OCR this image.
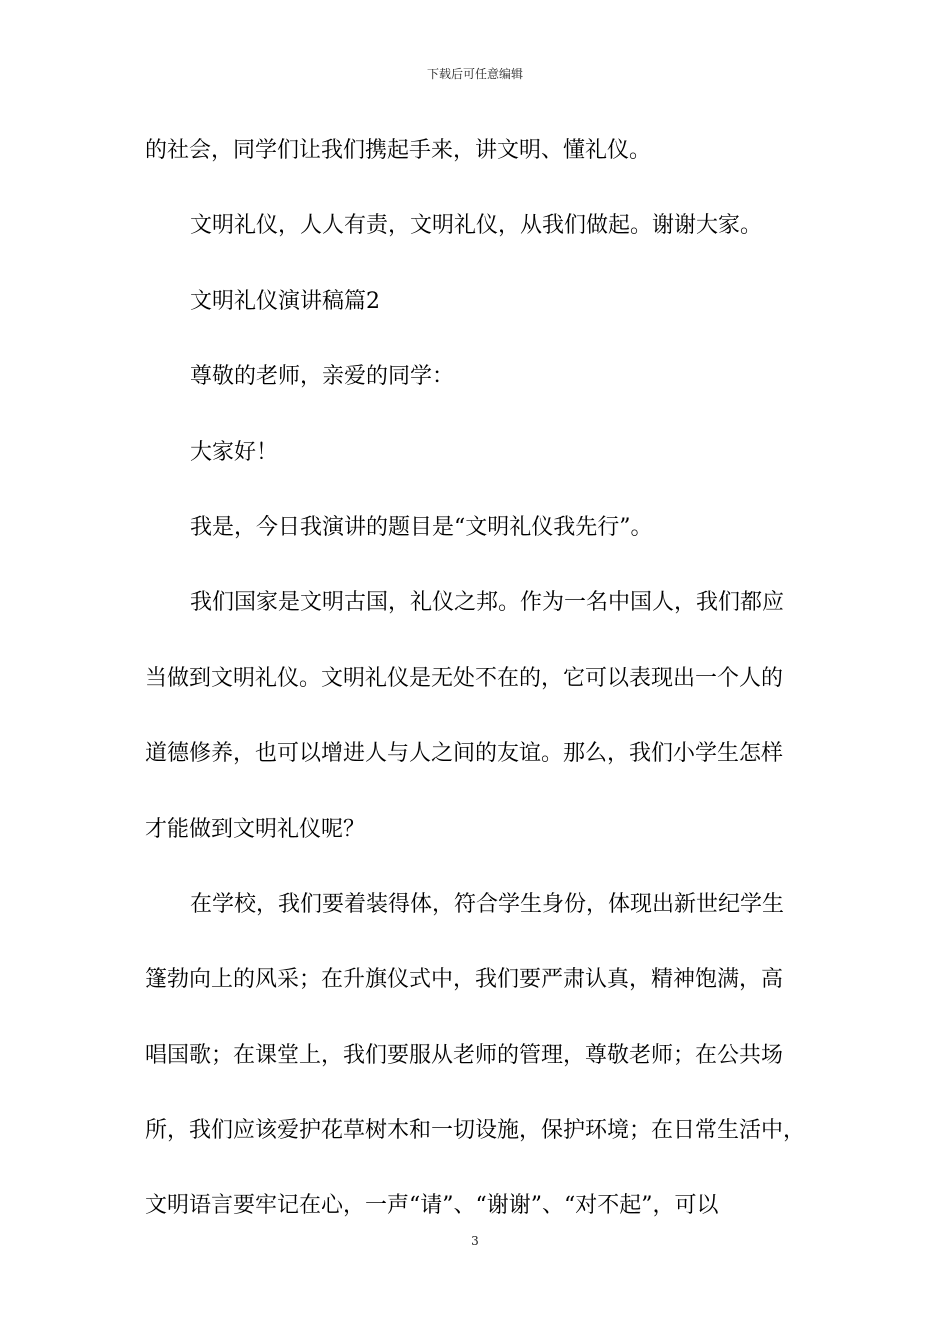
下载后可任意编辑
的社会，同学们让我们携起手来，讲文明、懂礼仪。
文明礼仪，人人有责，文明礼仪，从我们做起。谢谢大家。
文明礼仪演讲稿篇2
尊敬的老师，亲爱的同学：
大家好！
我是，今日我演讲的题目是“文明礼仪我先行”。
我们国家是文明古国，礼仪之邦。作为一名中国人，我们都应
当做到文明礼仪。文明礼仪是无处不在的，它可以表现出一个人的
道德修养，也可以增进人与人之间的友谊。那么，我们小学生怎样
才能做到文明礼仪呢？
在学校，我们要着装得体，符合学生身份，体现出新世纪学生
篷勃向上的风采；在升旗仪式中，我们要严肃认真，精神饱满，高
唱国歌；在课堂上，我们要服从老师的管理，尊敬老师；在公共场
所，我们应该爱护花草树木和一切设施，保护环境；在日常生活中，
文明语言要牢记在心，一声“请”、“谢谢”、“对不起”，可以
3
